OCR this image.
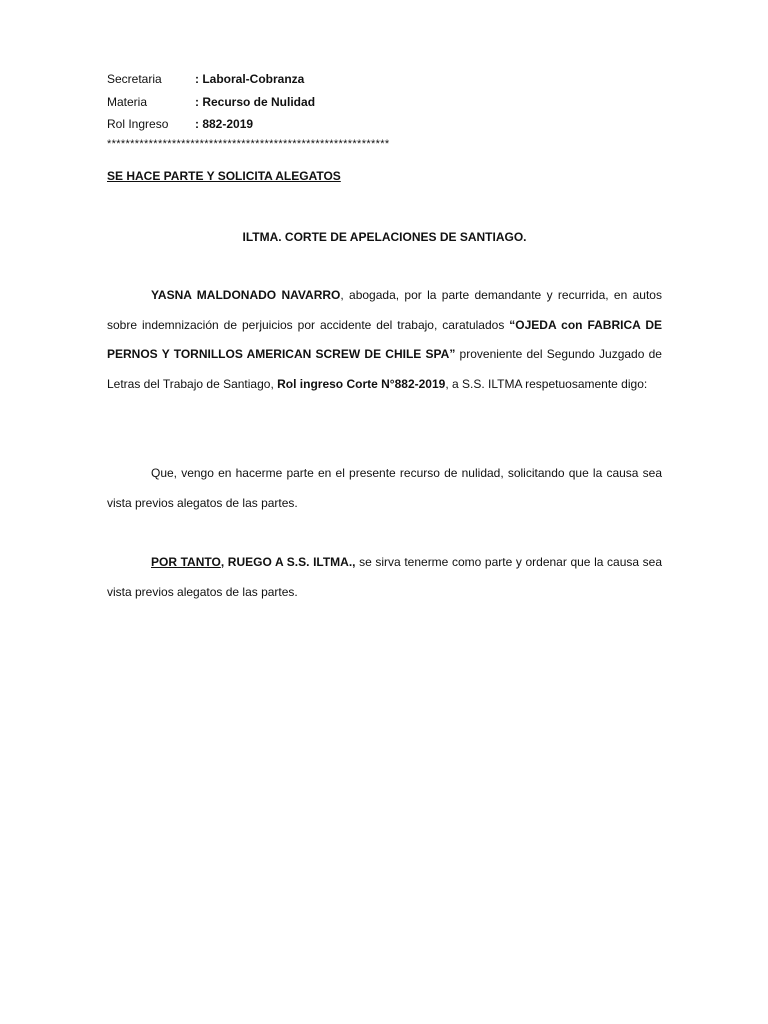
Secretaria	: Laboral-Cobranza
Materia	: Recurso de Nulidad
Rol Ingreso	: 882-2019
*************************************************************
SE HACE PARTE Y SOLICITA ALEGATOS
ILTMA. CORTE DE APELACIONES DE SANTIAGO.

YASNA MALDONADO NAVARRO, abogada, por la parte demandante y recurrida, en autos sobre indemnización de perjuicios por accidente del trabajo, caratulados “OJEDA con FABRICA DE PERNOS Y TORNILLOS AMERICAN SCREW DE CHILE SPA” proveniente del Segundo Juzgado de Letras del Trabajo de Santiago, Rol ingreso Corte N°882-2019, a S.S. ILTMA respetuosamente digo:

Que, vengo en hacerme parte en el presente recurso de nulidad, solicitando que la causa sea vista previos alegatos de las partes.

POR TANTO, RUEGO A S.S. ILTMA., se sirva tenerme como parte y ordenar que la causa sea vista previos alegatos de las partes.
